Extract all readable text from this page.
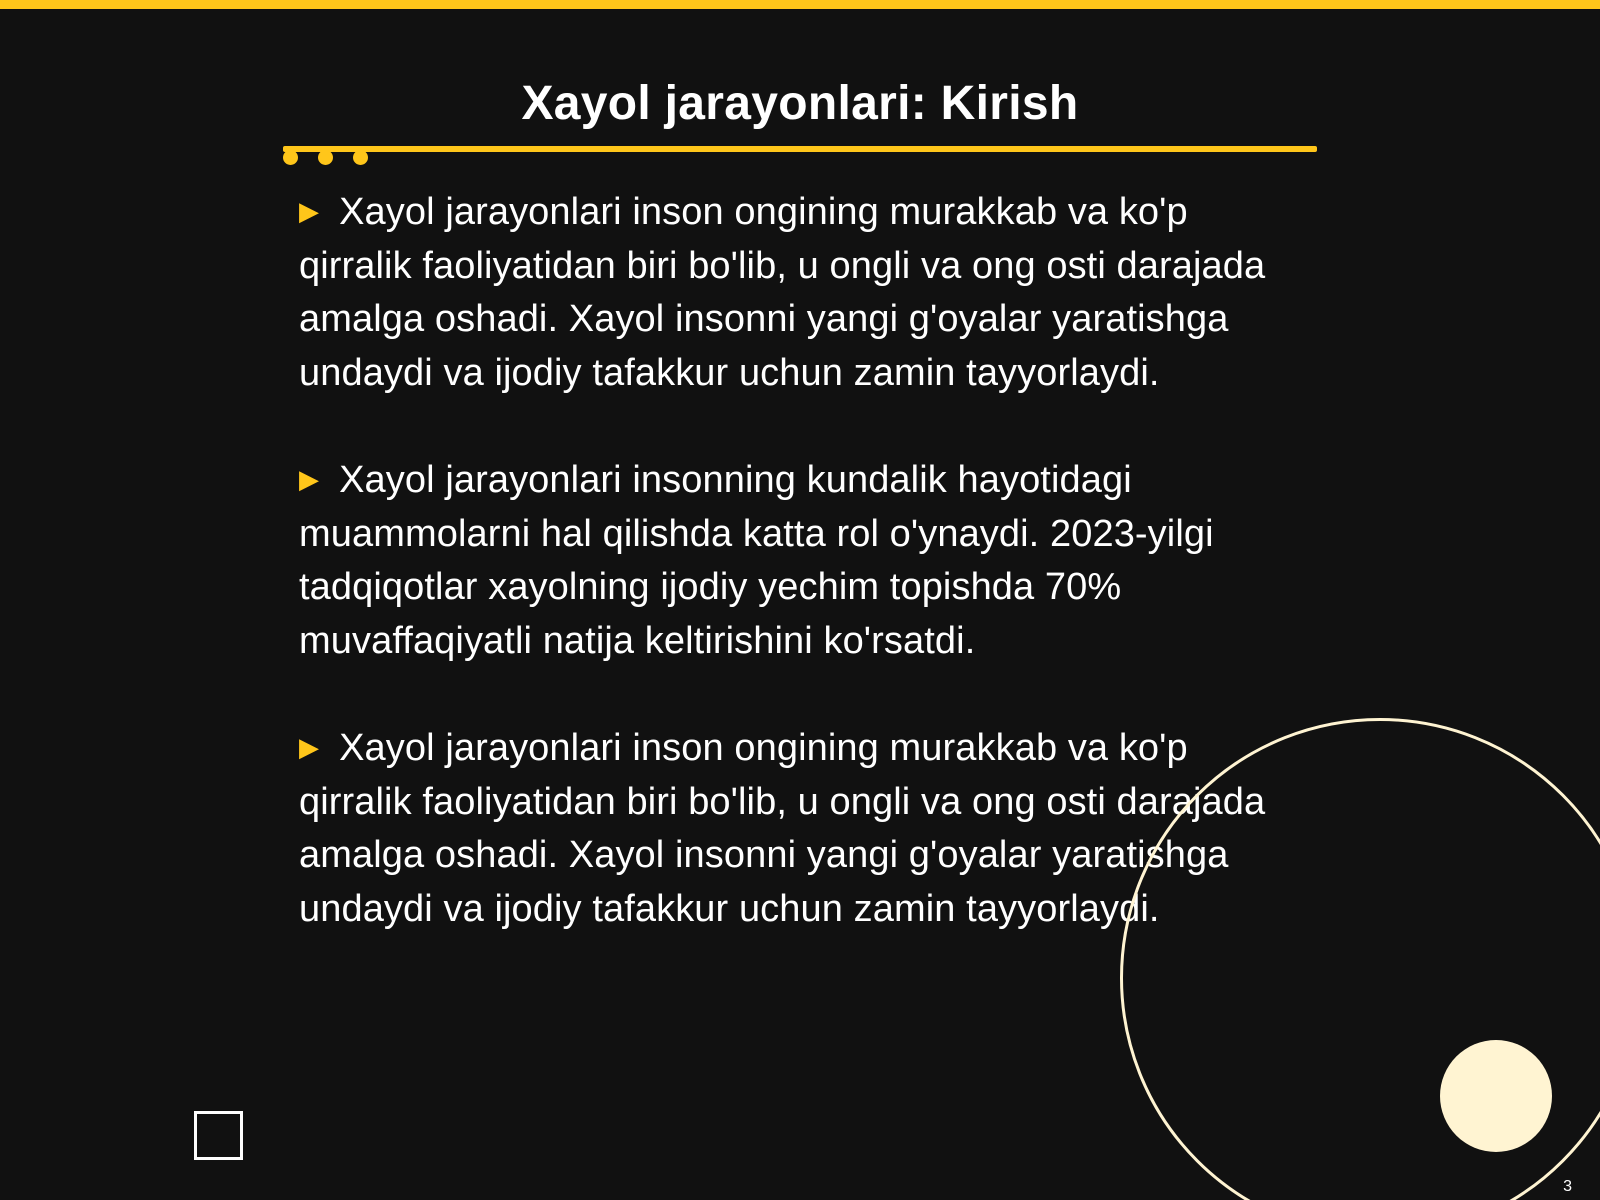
Xayol jarayonlari: Kirish

▶ Xayol jarayonlari inson ongining murakkab va ko'p qirralik faoliyatidan biri bo'lib, u ongli va ong osti darajada amalga oshadi. Xayol insonni yangi g'oyalar yaratishga undaydi va ijodiy tafakkur uchun zamin tayyorlaydi.

▶ Xayol jarayonlari insonning kundalik hayotidagi muammolarni hal qilishda katta rol o'ynaydi. 2023-yilgi tadqiqotlar xayolning ijodiy yechim topishda 70% muvaffaqiyatli natija keltirishini ko'rsatdi.

▶ Xayol jarayonlari inson ongining murakkab va ko'p qirralik faoliyatidan biri bo'lib, u ongli va ong osti darajada amalga oshadi. Xayol insonni yangi g'oyalar yaratishga undaydi va ijodiy tafakkur uchun zamin tayyorlaydi.

3
